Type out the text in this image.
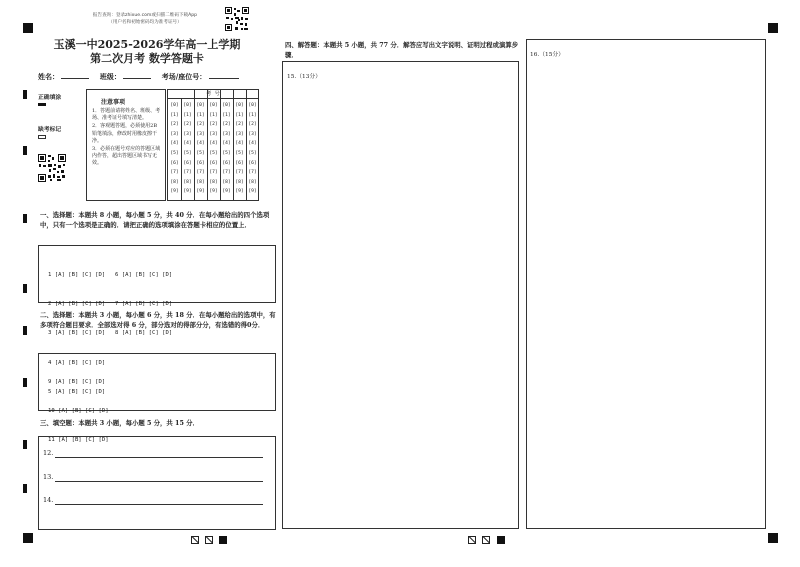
报告查询：登录zhixue.com或扫描二维码下载App
（用户名和初始密码均为准考证号）
玉溪一中2025-2026学年高一上学期
第二次月考 数学答题卡
姓名：	班级：	考场/座位号：
正确填涂
缺考标记
注意事项
1．答题前请将姓名、班级、考场、准考证号填写清楚。
2．客观题答题，必须使用2B铅笔填涂，修改时用橡皮擦干净。
3．必须在题号对应的答题区域内作答，超出答题区域书写无效。
考  号
[0]
[1]
[2]
[3]
[4]
[5]
[6]
[7]
[8]
[9]
[0]
[1]
[2]
[3]
[4]
[5]
[6]
[7]
[8]
[9]
[0]
[1]
[2]
[3]
[4]
[5]
[6]
[7]
[8]
[9]
[0]
[1]
[2]
[3]
[4]
[5]
[6]
[7]
[8]
[9]
[0]
[1]
[2]
[3]
[4]
[5]
[6]
[7]
[8]
[9]
[0]
[1]
[2]
[3]
[4]
[5]
[6]
[7]
[8]
[9]
[0]
[1]
[2]
[3]
[4]
[5]
[6]
[7]
[8]
[9]
一、选择题：本题共 8 小题，每小题 5 分，共 40 分．在每小题给出的四个选项中，只有一个选项是正确的．请把正确的选项填涂在答题卡相应的位置上．

1 [A] [B] [C] [D]

2 [A] [B] [C] [D]

3 [A] [B] [C] [D]

4 [A] [B] [C] [D]

5 [A] [B] [C] [D]

6 [A] [B] [C] [D]

7 [A] [B] [C] [D]

8 [A] [B] [C] [D]

二、选择题：本题共 3 小题，每小题 6 分，共 18 分．在每小题给出的选项中，有多项符合题目要求．全部选对得 6 分，部分选对的得部分分，有选错的得0分．

9 [A] [B] [C] [D]

10 [A] [B] [C] [D]

11 [A] [B] [C] [D]

三、填空题：本题共 3 小题，每小题 5 分，共 15 分．
12.
13.
14.
四、解答题：本题共 5 小题，共 77 分．解答应写出文字说明、证明过程或演算步骤．
15.（13分）
16.（15分）
